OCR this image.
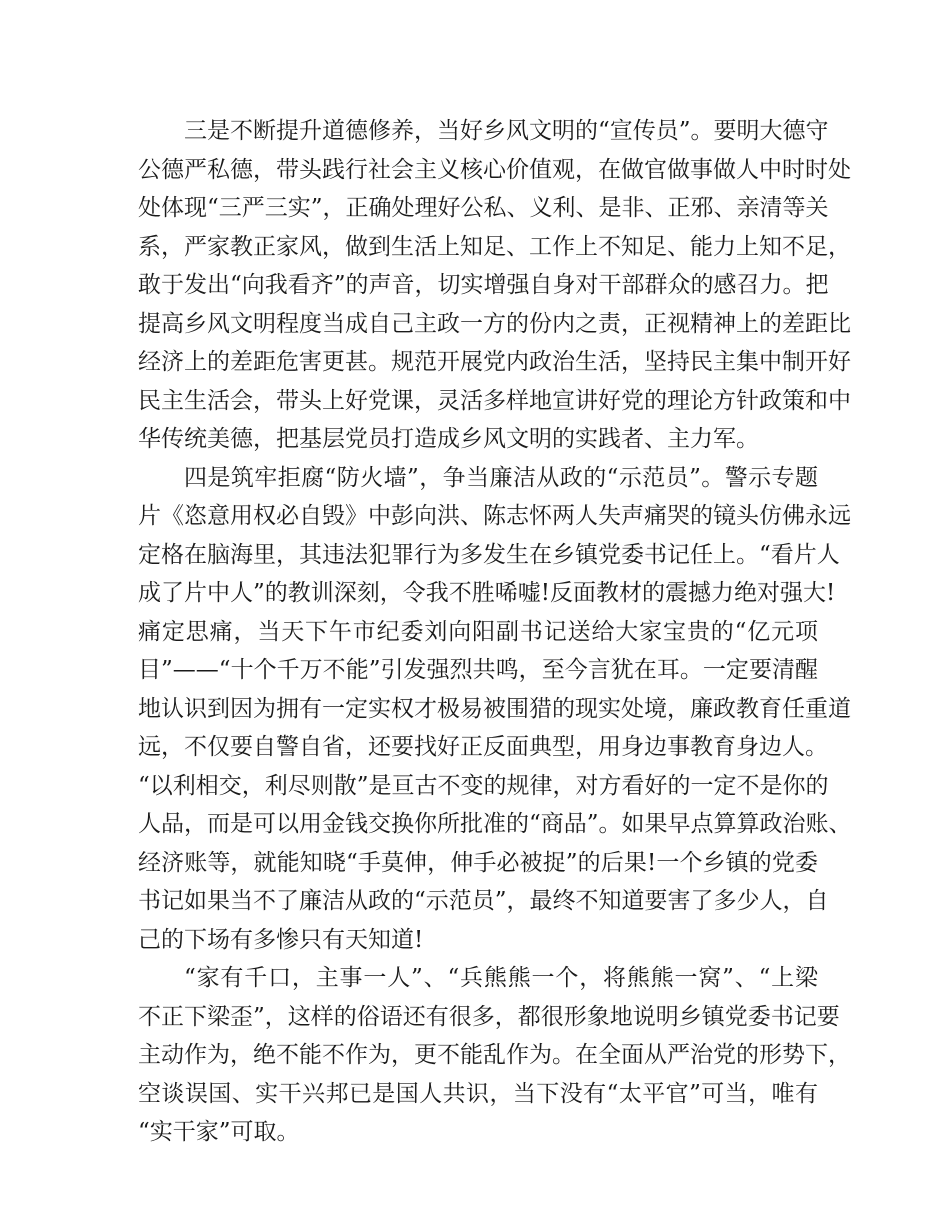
三是不断提升道德修养，当好乡风文明的“宣传员”。要明大德守
公德严私德，带头践行社会主义核心价值观，在做官做事做人中时时处
处体现“三严三实”，正确处理好公私、义利、是非、正邪、亲清等关
系，严家教正家风，做到生活上知足、工作上不知足、能力上知不足，
敢于发出“向我看齐”的声音，切实增强自身对干部群众的感召力。把
提高乡风文明程度当成自己主政一方的份内之责，正视精神上的差距比
经济上的差距危害更甚。规范开展党内政治生活，坚持民主集中制开好
民主生活会，带头上好党课，灵活多样地宣讲好党的理论方针政策和中
华传统美德，把基层党员打造成乡风文明的实践者、主力军。
四是筑牢拒腐“防火墙”，争当廉洁从政的“示范员”。警示专题
片《恣意用权必自毁》中彭向洪、陈志怀两人失声痛哭的镜头仿佛永远
定格在脑海里，其违法犯罪行为多发生在乡镇党委书记任上。“看片人
成了片中人”的教训深刻，令我不胜唏嘘!反面教材的震撼力绝对强大!
痛定思痛，当天下午市纪委刘向阳副书记送给大家宝贵的“亿元项
目”——“十个千万不能”引发强烈共鸣，至今言犹在耳。一定要清醒
地认识到因为拥有一定实权才极易被围猎的现实处境，廉政教育任重道
远，不仅要自警自省，还要找好正反面典型，用身边事教育身边人。
“以利相交，利尽则散”是亘古不变的规律，对方看好的一定不是你的
人品，而是可以用金钱交换你所批准的“商品”。如果早点算算政治账、
经济账等，就能知晓“手莫伸，伸手必被捉”的后果!一个乡镇的党委
书记如果当不了廉洁从政的“示范员”，最终不知道要害了多少人，自
己的下场有多惨只有天知道!
“家有千口，主事一人”、“兵熊熊一个，将熊熊一窝”、“上梁
不正下梁歪”，这样的俗语还有很多，都很形象地说明乡镇党委书记要
主动作为，绝不能不作为，更不能乱作为。在全面从严治党的形势下，
空谈误国、实干兴邦已是国人共识，当下没有“太平官”可当，唯有
“实干家”可取。
